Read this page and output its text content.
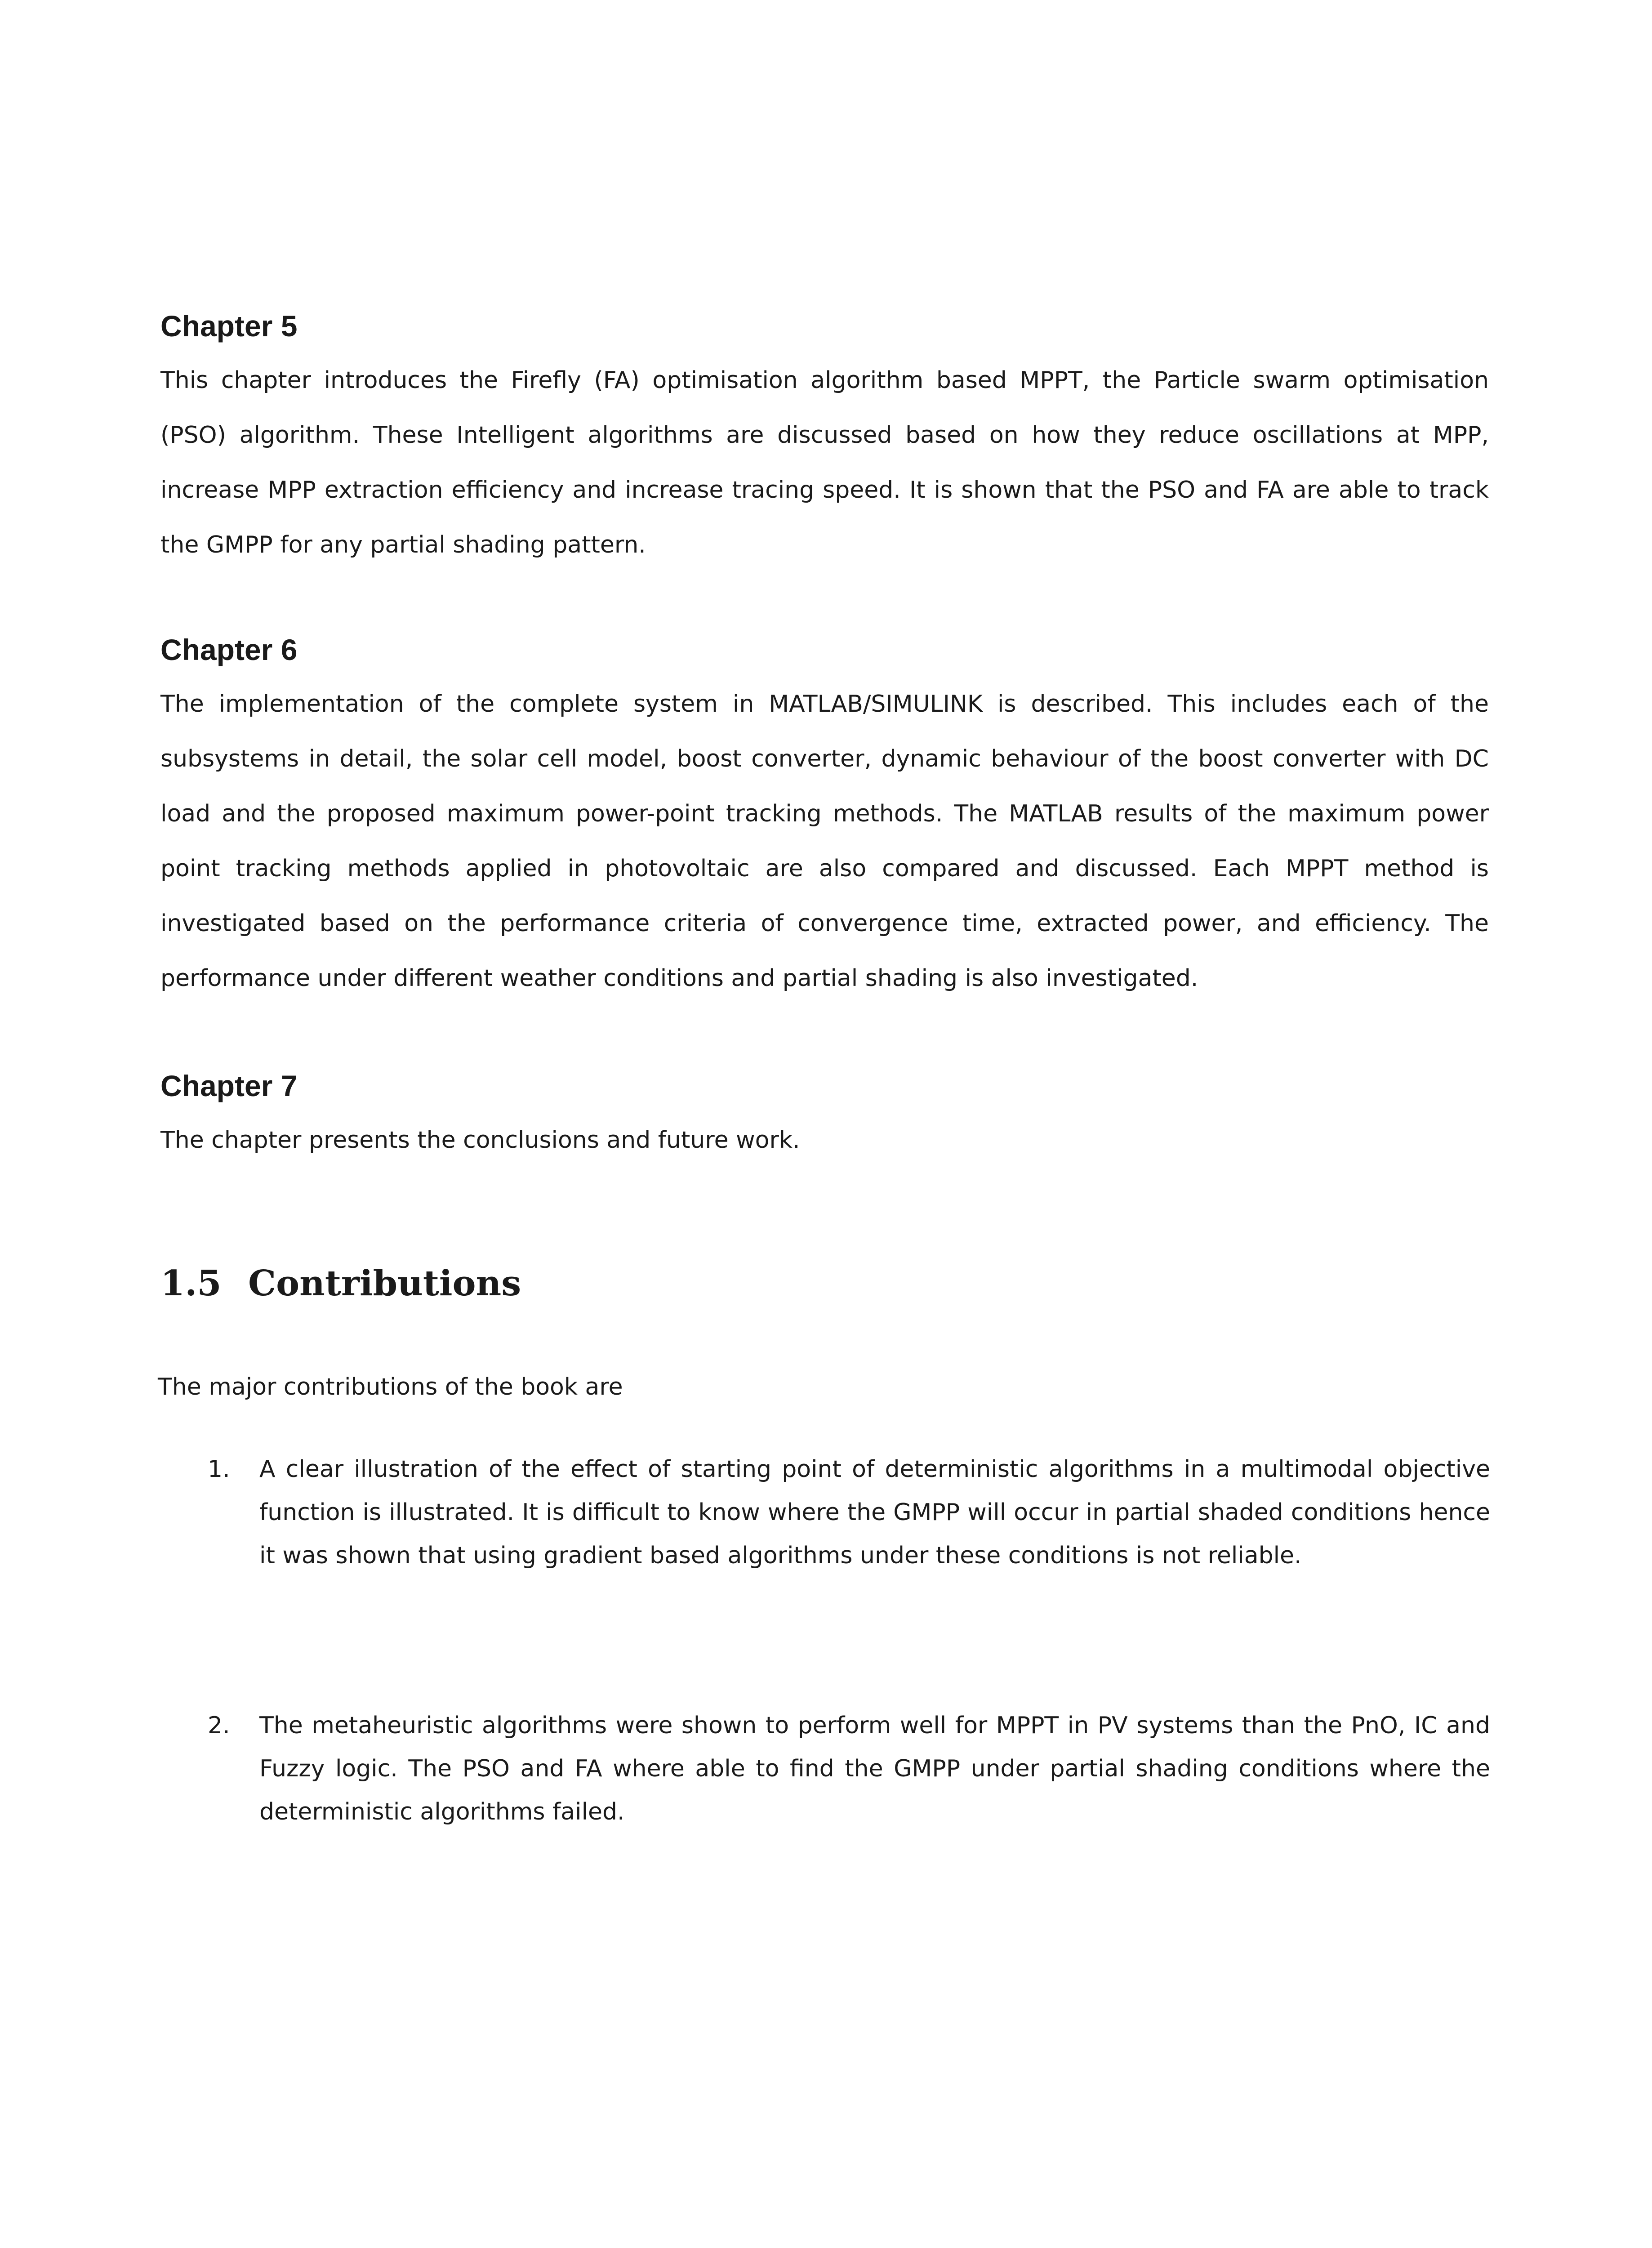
Chapter 5

This chapter introduces the Firefly (FA) optimisation algorithm based MPPT, the Particle swarm optimisation (PSO) algorithm. These Intelligent algorithms are discussed based on how they reduce oscillations at MPP, increase MPP extraction efficiency and increase tracing speed. It is shown that the PSO and FA are able to track the GMPP for any partial shading pattern.

Chapter 6

The implementation of the complete system in MATLAB/SIMULINK is described. This includes each of the subsystems in detail, the solar cell model, boost converter, dynamic behaviour of the boost converter with DC load and the proposed maximum power-point tracking methods. The MATLAB results of the maximum power point tracking methods applied in photovoltaic are also compared and discussed. Each MPPT method is investigated based on the performance criteria of convergence time, extracted power, and efficiency. The performance under different weather conditions and partial shading is also investigated.

Chapter 7

The chapter presents the conclusions and future work.

1.5 Contributions

The major contributions of the book are

1. A clear illustration of the effect of starting point of deterministic algorithms in a multimodal objective function is illustrated. It is difficult to know where the GMPP will occur in partial shaded conditions hence it was shown that using gradient based algorithms under these conditions is not reliable.

2. The metaheuristic algorithms were shown to perform well for MPPT in PV systems than the PnO, IC and Fuzzy logic. The PSO and FA where able to find the GMPP under partial shading conditions where the deterministic algorithms failed.
